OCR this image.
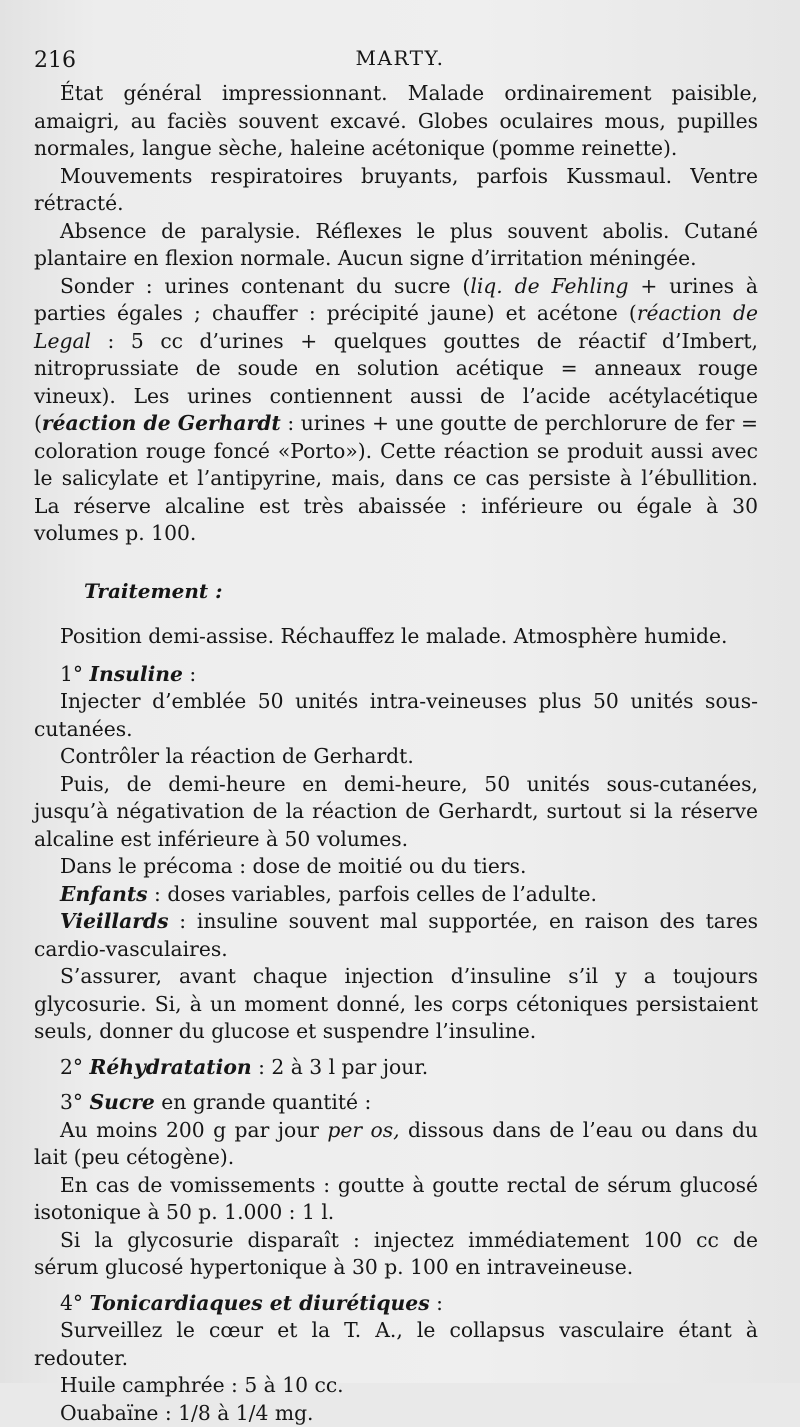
216	MARTY.

État général impressionnant. Malade ordinairement paisible, amaigri, au faciès souvent excavé. Globes oculaires mous, pupilles normales, langue sèche, haleine acétonique (pomme reinette).

Mouvements respiratoires bruyants, parfois Kussmaul. Ventre rétracté.

Absence de paralysie. Réflexes le plus souvent abolis. Cutané plantaire en flexion normale. Aucun signe d’irritation méningée.

Sonder : urines contenant du sucre (liq. de Fehling + urines à parties égales ; chauffer : précipité jaune) et acétone (réaction de Legal : 5 cc d’urines + quelques gouttes de réactif d’Imbert, nitroprussiate de soude en solution acétique = anneaux rouge vineux). Les urines contiennent aussi de l’acide acétylacétique (réaction de Gerhardt : urines + une goutte de perchlorure de fer = coloration rouge foncé «Porto»). Cette réaction se produit aussi avec le salicylate et l’antipyrine, mais, dans ce cas persiste à l’ébullition. La réserve alcaline est très abaissée : inférieure ou égale à 30 volumes p. 100.

Traitement :

Position demi-assise. Réchauffez le malade. Atmosphère humide.

1° Insuline :

Injecter d’emblée 50 unités intra-veineuses plus 50 unités sous-cutanées.

Contrôler la réaction de Gerhardt.

Puis, de demi-heure en demi-heure, 50 unités sous-cutanées, jusqu’à négativation de la réaction de Gerhardt, surtout si la réserve alcaline est inférieure à 50 volumes.

Dans le précoma : dose de moitié ou du tiers.

Enfants : doses variables, parfois celles de l’adulte.

Vieillards : insuline souvent mal supportée, en raison des tares cardio-vasculaires.

S’assurer, avant chaque injection d’insuline s’il y a toujours glycosurie. Si, à un moment donné, les corps cétoniques persistaient seuls, donner du glucose et suspendre l’insuline.

2° Réhydratation : 2 à 3 l par jour.

3° Sucre en grande quantité :

Au moins 200 g par jour per os, dissous dans de l’eau ou dans du lait (peu cétogène).

En cas de vomissements : goutte à goutte rectal de sérum glucosé isotonique à 50 p. 1.000 : 1 l.

Si la glycosurie disparaît : injectez immédiatement 100 cc de sérum glucosé hypertonique à 30 p. 100 en intraveineuse.

4° Tonicardiaques et diurétiques :

Surveillez le cœur et la T. A., le collapsus vasculaire étant à redouter.

Huile camphrée : 5 à 10 cc.

Ouabaïne : 1/8 à 1/4 mg.
